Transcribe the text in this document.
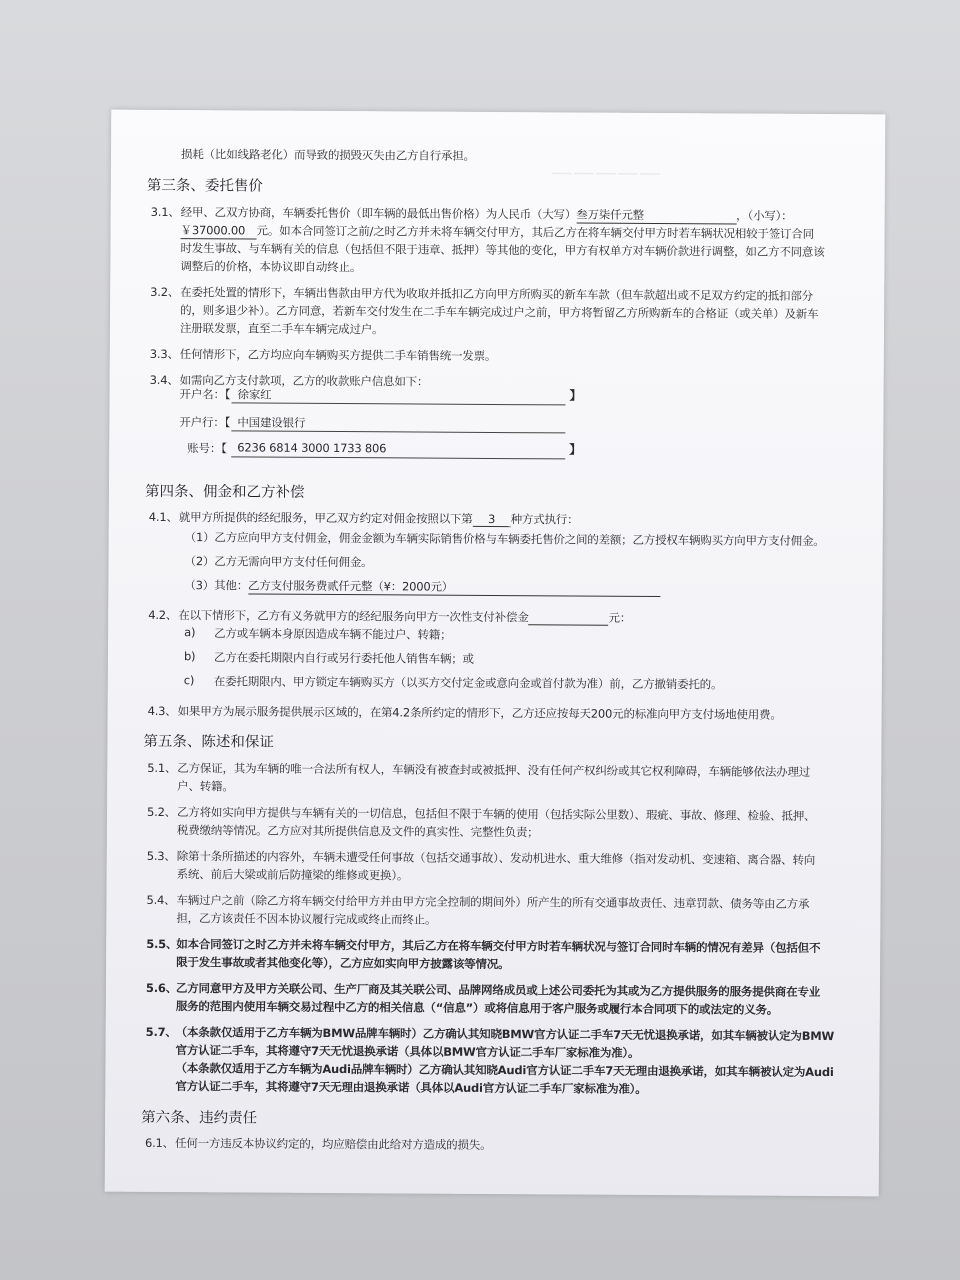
—————
损耗（比如线路老化）而导致的损毁灭失由乙方自行承担。
第三条、委托售价
3.1、 经甲、乙双方协商，车辆委托售价（即车辆的最低出售价格）为人民币（大写）叁万柒仟元整	，（小写）：
￥37000.00 元。如本合同签订之前/之时乙方并未将车辆交付甲方，其后乙方在将车辆交付甲方时若车辆状况相较于签订合同
时发生事故、与车辆有关的信息（包括但不限于违章、抵押）等其他的变化，甲方有权单方对车辆价款进行调整，如乙方不同意该
调整后的价格，本协议即自动终止。
3.2、 在委托处置的情形下，车辆出售款由甲方代为收取并抵扣乙方向甲方所购买的新车车款（但车款超出或不足双方约定的抵扣部分
的，则多退少补）。乙方同意，若新车交付发生在二手车车辆完成过户之前，甲方将暂留乙方所购新车的合格证（或关单）及新车
注册联发票，直至二手车车辆完成过户。
3.3、 任何情形下，乙方均应向车辆购买方提供二手车销售统一发票。
3.4、 如需向乙方支付款项，乙方的收款账户信息如下：
开户名：【 徐家红	】
开户行：【 中国建设银行
账号：【 6236 6814 3000 1733 806	】
第四条、佣金和乙方补偿
4.1、 就甲方所提供的经纪服务，甲乙双方约定对佣金按照以下第 3 种方式执行：
（1）乙方应向甲方支付佣金，佣金金额为车辆实际销售价格与车辆委托售价之间的差额；乙方授权车辆购买方向甲方支付佣金。
（2）乙方无需向甲方支付任何佣金。
（3）其他：乙方支付服务费贰仟元整（¥：2000元）
4.2、 在以下情形下，乙方有义务就甲方的经纪服务向甲方一次性支付补偿金	元：
a) 乙方或车辆本身原因造成车辆不能过户、转籍；
b) 乙方在委托期限内自行或另行委托他人销售车辆；或
c) 在委托期限内、甲方锁定车辆购买方（以买方交付定金或意向金或首付款为准）前，乙方撤销委托的。
4.3、 如果甲方为展示服务提供展示区域的，在第4.2条所约定的情形下，乙方还应按每天200元的标准向甲方支付场地使用费。
第五条、陈述和保证
5.1、 乙方保证，其为车辆的唯一合法所有权人，车辆没有被查封或被抵押、没有任何产权纠纷或其它权利障碍，车辆能够依法办理过
户、转籍。
5.2、 乙方将如实向甲方提供与车辆有关的一切信息，包括但不限于车辆的使用（包括实际公里数）、瑕疵、事故、修理、检验、抵押、
税费缴纳等情况。乙方应对其所提供信息及文件的真实性、完整性负责；
5.3、 除第十条所描述的内容外，车辆未遭受任何事故（包括交通事故）、发动机进水、重大维修（指对发动机、变速箱、离合器、转向
系统、前后大梁或前后防撞梁的维修或更换）。
5.4、 车辆过户之前（除乙方将车辆交付给甲方并由甲方完全控制的期间外）所产生的所有交通事故责任、违章罚款、债务等由乙方承
担，乙方该责任不因本协议履行完成或终止而终止。
5.5、
如本合同签订之时乙方并未将车辆交付甲方，其后乙方在将车辆交付甲方时若车辆状况与签订合同时车辆的情况有差异（包括但不
限于发生事故或者其他变化等），乙方应如实向甲方披露该等情况。
5.6、
乙方同意甲方及甲方关联公司、生产厂商及其关联公司、品牌网络成员或上述公司委托为其或为乙方提供服务的服务提供商在专业
服务的范围内使用车辆交易过程中乙方的相关信息（“信息”）或将信息用于客户服务或履行本合同项下的或法定的义务。
5.7、
（本条款仅适用于乙方车辆为BMW品牌车辆时）乙方确认其知晓BMW官方认证二手车7天无忧退换承诺，如其车辆被认定为BMW
官方认证二手车，其将遵守7天无忧退换承诺（具体以BMW官方认证二手车厂家标准为准）。
（本条款仅适用于乙方车辆为Audi品牌车辆时）乙方确认其知晓Audi官方认证二手车7天无理由退换承诺，如其车辆被认定为Audi
官方认证二手车，其将遵守7天无理由退换承诺（具体以Audi官方认证二手车厂家标准为准）。
第六条、违约责任
6.1、 任何一方违反本协议约定的，均应赔偿由此给对方造成的损失。
